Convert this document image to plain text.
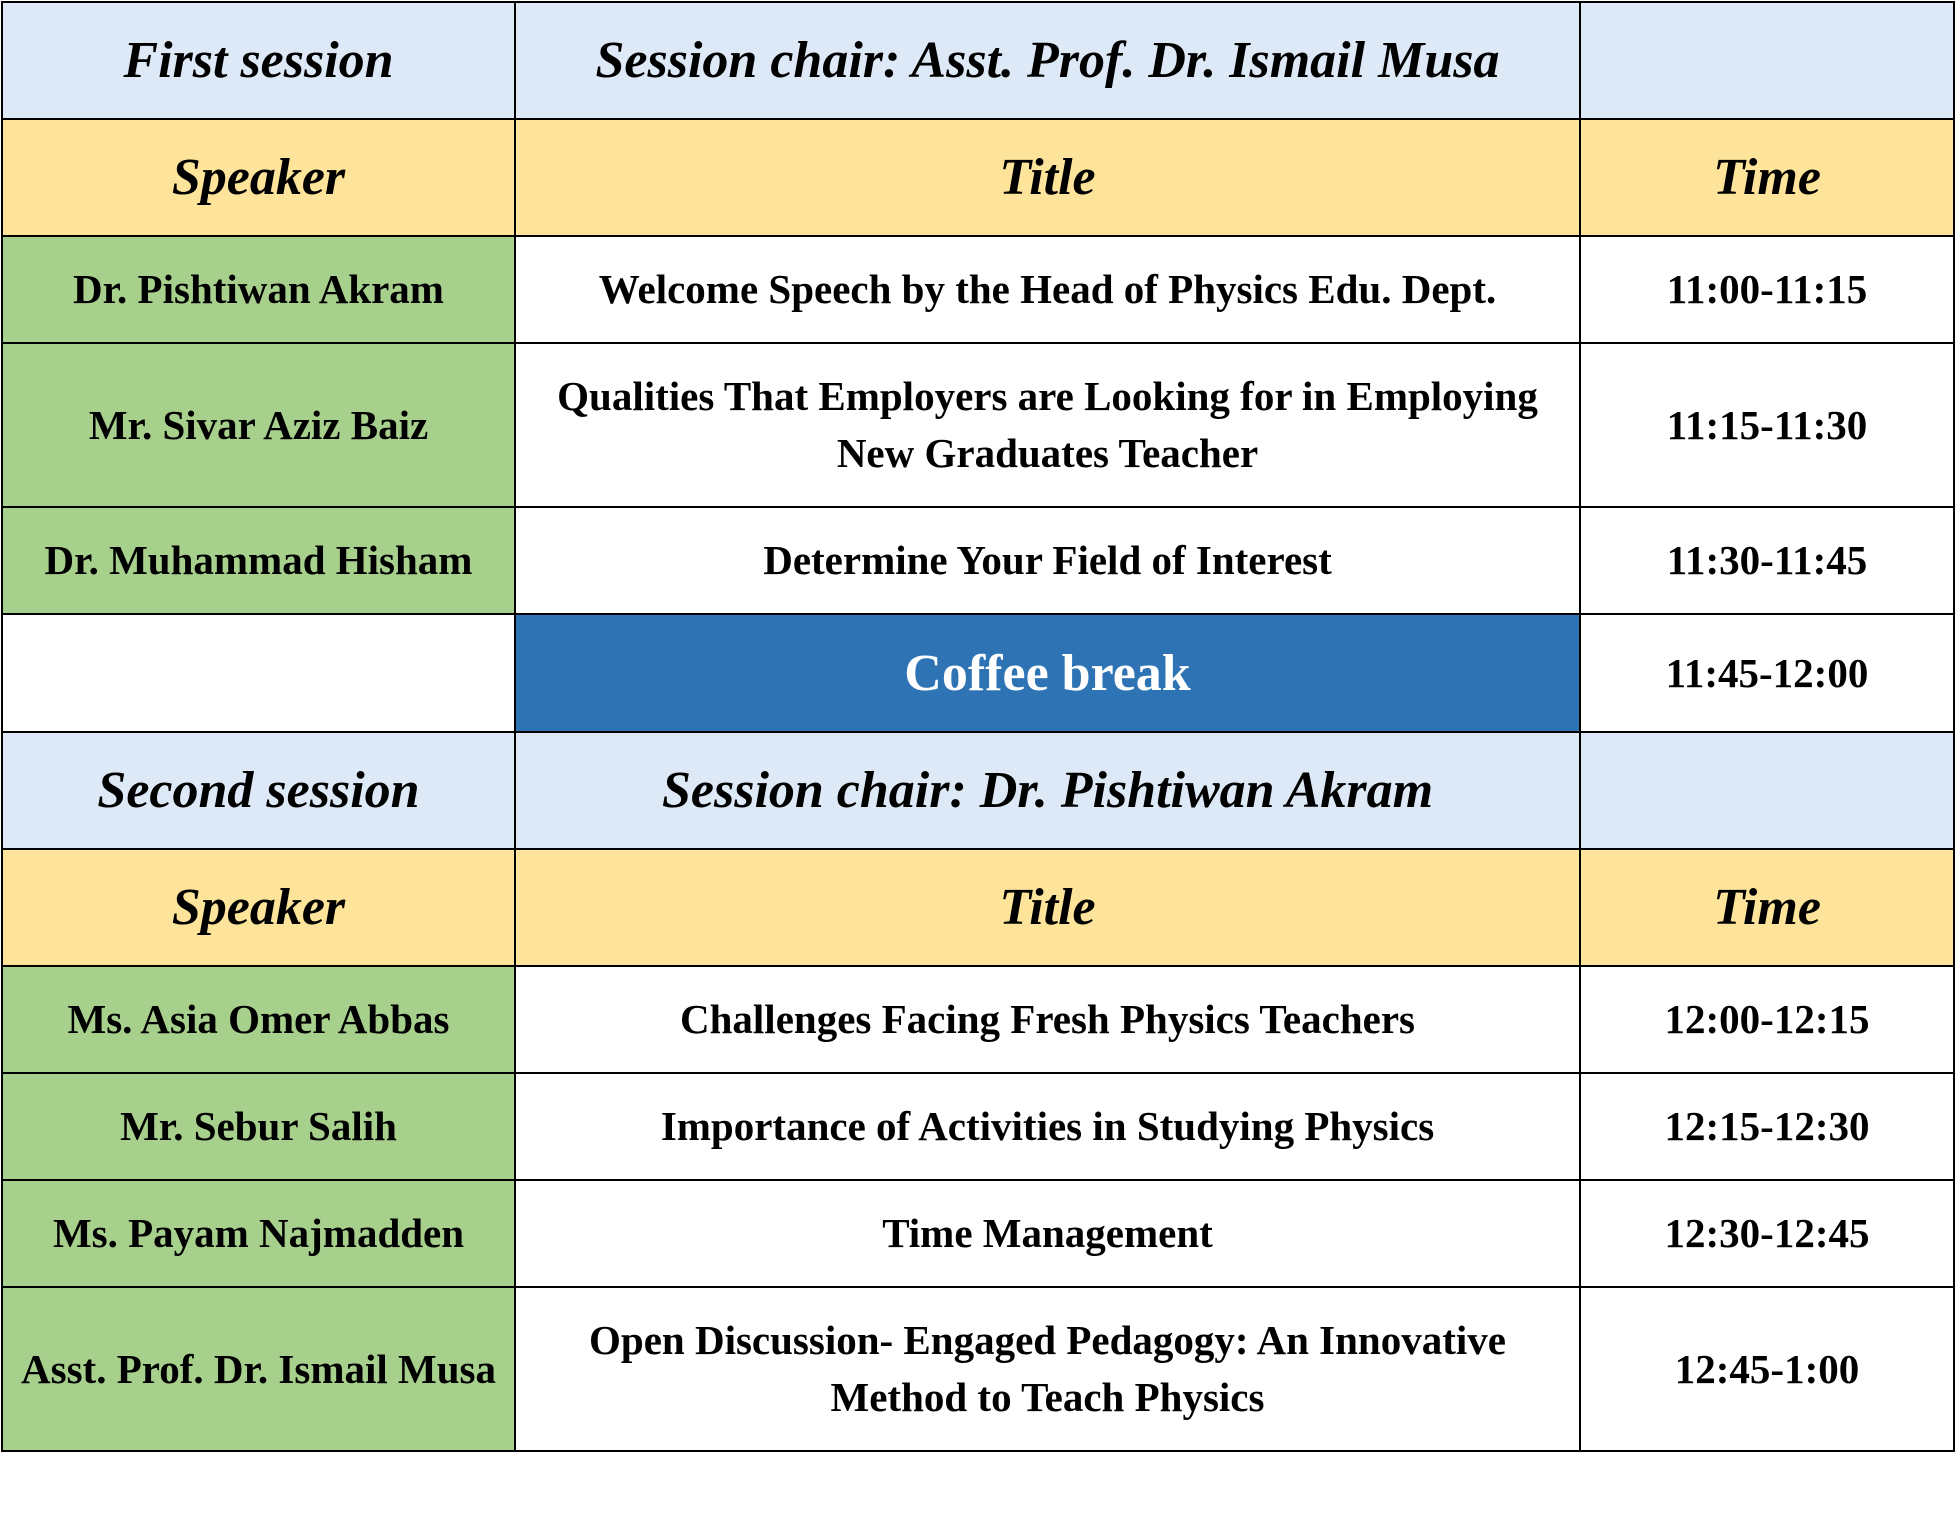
First session	Session chair: Asst. Prof. Dr. Ismail Musa	
Speaker	Title	Time
Dr. Pishtiwan Akram	Welcome Speech by the Head of Physics Edu. Dept.	11:00-11:15
Mr. Sivar Aziz Baiz	Qualities That Employers are Looking for in Employing New Graduates Teacher	11:15-11:30
Dr. Muhammad Hisham	Determine Your Field of Interest	11:30-11:45
	Coffee break	11:45-12:00
Second session	Session chair: Dr. Pishtiwan Akram	
Speaker	Title	Time
Ms. Asia Omer Abbas	Challenges Facing Fresh Physics Teachers	12:00-12:15
Mr. Sebur Salih	Importance of Activities in Studying Physics	12:15-12:30
Ms. Payam Najmadden	Time Management	12:30-12:45
Asst. Prof. Dr. Ismail Musa	Open Discussion- Engaged Pedagogy: An Innovative Method to Teach Physics	12:45-1:00
